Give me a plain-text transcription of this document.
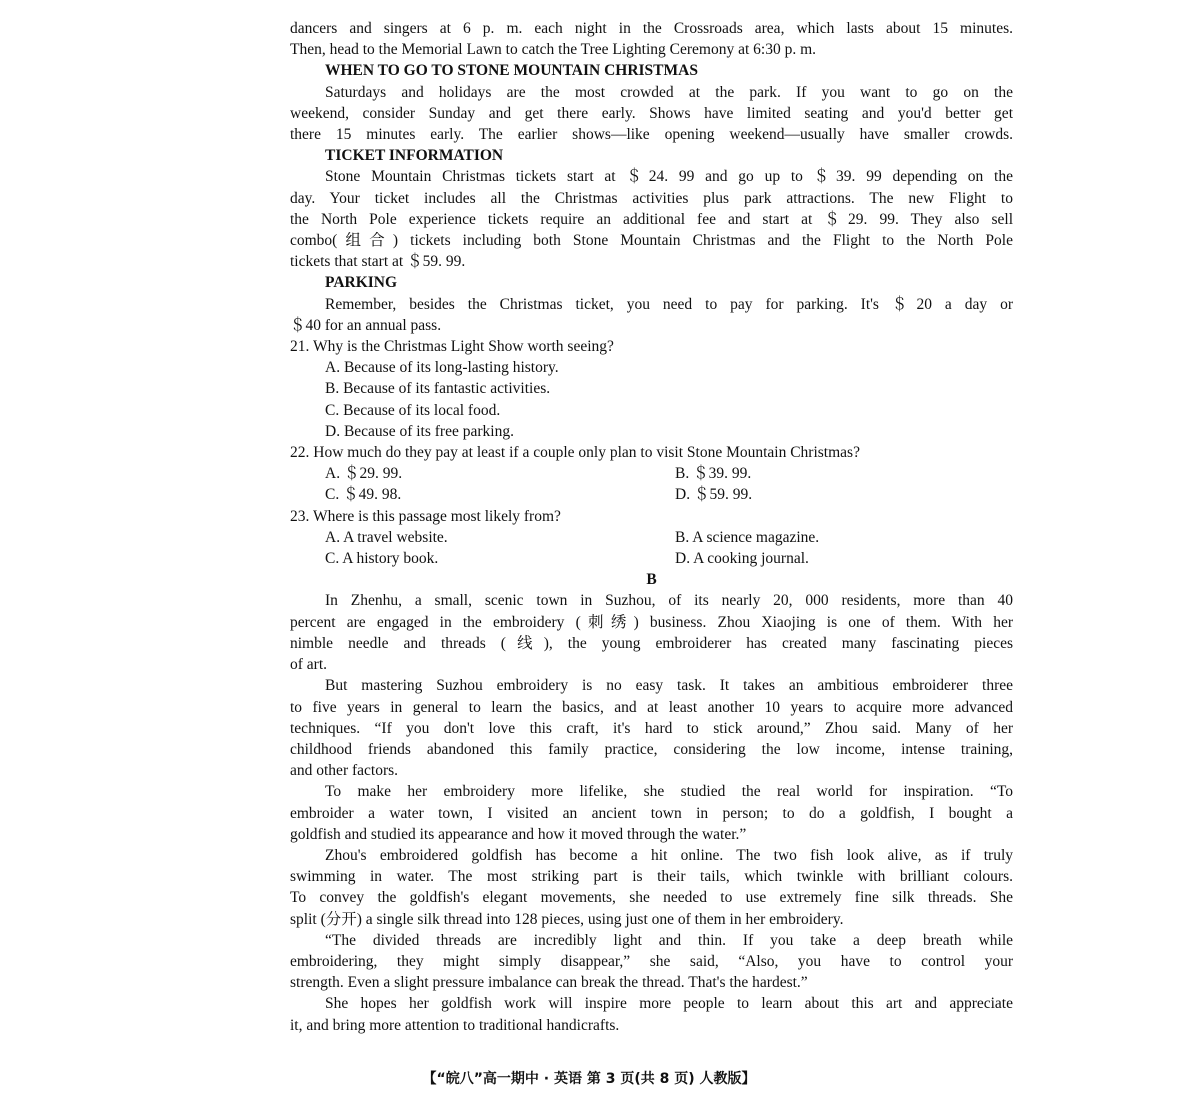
dancers and singers at 6 p. m. each night in the Crossroads area, which lasts about 15 minutes.
Then, head to the Memorial Lawn to catch the Tree Lighting Ceremony at 6:30 p. m.
WHEN TO GO TO STONE MOUNTAIN CHRISTMAS
Saturdays and holidays are the most crowded at the park. If you want to go on the
weekend, consider Sunday and get there early. Shows have limited seating and you'd better get
there 15 minutes early. The earlier shows—like opening weekend—usually have smaller crowds.
TICKET INFORMATION
Stone Mountain Christmas tickets start at ＄24. 99 and go up to ＄39. 99 depending on the
day. Your ticket includes all the Christmas activities plus park attractions. The new Flight to
the North Pole experience tickets require an additional fee and start at ＄29. 99. They also sell
combo(组合) tickets including both Stone Mountain Christmas and the Flight to the North Pole
tickets that start at ＄59. 99.
PARKING
Remember, besides the Christmas ticket, you need to pay for parking. It's ＄20 a day or
＄40 for an annual pass.
21. Why is the Christmas Light Show worth seeing?
A. Because of its long-lasting history.
B. Because of its fantastic activities.
C. Because of its local food.
D. Because of its free parking.
22. How much do they pay at least if a couple only plan to visit Stone Mountain Christmas?
A. ＄29. 99.	B. ＄39. 99.
C. ＄49. 98.	D. ＄59. 99.
23. Where is this passage most likely from?
A. A travel website.	B. A science magazine.
C. A history book.	D. A cooking journal.
B
In Zhenhu, a small, scenic town in Suzhou, of its nearly 20, 000 residents, more than 40
percent are engaged in the embroidery (刺绣) business. Zhou Xiaojing is one of them. With her
nimble needle and threads (线), the young embroiderer has created many fascinating pieces
of art.
But mastering Suzhou embroidery is no easy task. It takes an ambitious embroiderer three
to five years in general to learn the basics, and at least another 10 years to acquire more advanced
techniques. “If you don't love this craft, it's hard to stick around,” Zhou said. Many of her
childhood friends abandoned this family practice, considering the low income, intense training,
and other factors.
To make her embroidery more lifelike, she studied the real world for inspiration. “To
embroider a water town, I visited an ancient town in person; to do a goldfish, I bought a
goldfish and studied its appearance and how it moved through the water.”
Zhou's embroidered goldfish has become a hit online. The two fish look alive, as if truly
swimming in water. The most striking part is their tails, which twinkle with brilliant colours.
To convey the goldfish's elegant movements, she needed to use extremely fine silk threads. She
split (分开) a single silk thread into 128 pieces, using just one of them in her embroidery.
“The divided threads are incredibly light and thin. If you take a deep breath while
embroidering, they might simply disappear,” she said, “Also, you have to control your
strength. Even a slight pressure imbalance can break the thread. That's the hardest.”
She hopes her goldfish work will inspire more people to learn about this art and appreciate
it, and bring more attention to traditional handicrafts.
【“皖八”高一期中 · 英语 第 3 页(共 8 页) 人教版】
